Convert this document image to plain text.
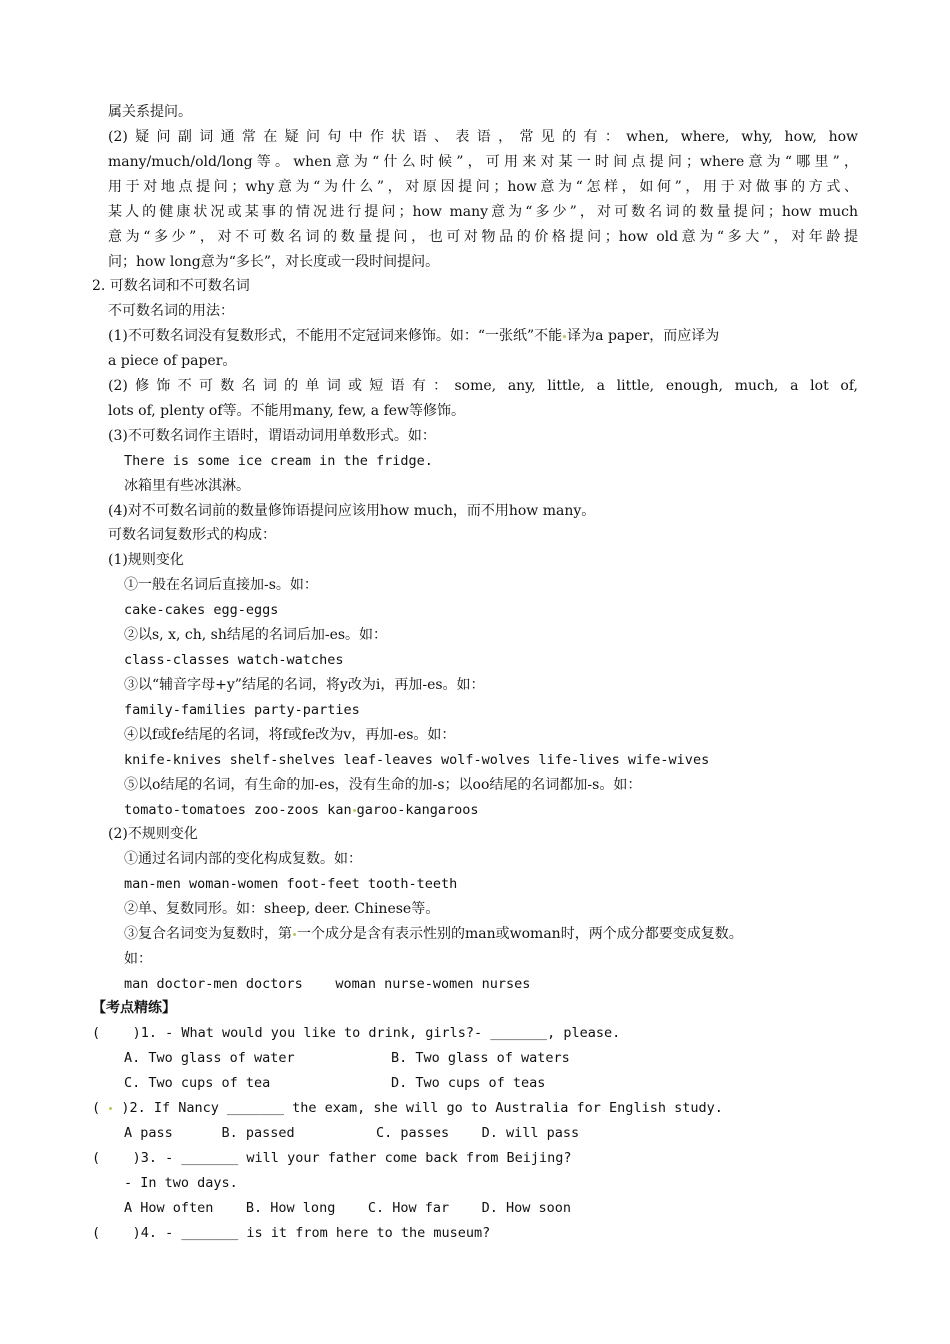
属关系提问。
(2)疑问副词通常在疑问句中作状语、表语，常见的有：when, where, why, how, how
many/much/old/long等。when意为“什么时候”，可用来对某一时间点提问；where意为“哪里”，
用于对地点提问；why意为“为什么”，对原因提问；how意为“怎样，如何”，用于对做事的方式、
某人的健康状况或某事的情况进行提问；how many意为“多少”，对可数名词的数量提问；how much
意为“多少”，对不可数名词的数量提问，也可对物品的价格提问；how old意为“多大”，对年龄提
问；how long意为“多长”，对长度或一段时间提问。
2. 可数名词和不可数名词
不可数名词的用法：
(1)不可数名词没有复数形式，不能用不定冠词来修饰。如：“一张纸”不能 译为a paper，而应译为
a piece of paper。
(2)修饰不可数名词的单词或短语有：some, any, little, a little, enough, much, a lot of,
lots of, plenty of等。不能用many, few, a few等修饰。
(3)不可数名词作主语时，谓语动词用单数形式。如：
There is some ice cream in the fridge.
冰箱里有些冰淇淋。
(4)对不可数名词前的数量修饰语提问应该用how much，而不用how many。
可数名词复数形式的构成：
(1)规则变化
①一般在名词后直接加-s。如：
cake-cakes egg-eggs
②以s, x, ch, sh结尾的名词后加-es。如：
class-classes watch-watches
③以“辅音字母+y”结尾的名词，将y改为i，再加-es。如：
family-families party-parties
④以f或fe结尾的名词，将f或fe改为v，再加-es。如：
knife-knives shelf-shelves leaf-leaves wolf-wolves life-lives wife-wives
⑤以o结尾的名词，有生命的加-es，没有生命的加-s；以oo结尾的名词都加-s。如：
tomato-tomatoes zoo-zoos kan garoo-kangaroos
(2)不规则变化
①通过名词内部的变化构成复数。如：
man-men woman-women foot-feet tooth-teeth
②单、复数同形。如：sheep, deer. Chinese等。
③复合名词变为复数时，第 一个成分是含有表示性别的man或woman时，两个成分都要变成复数。
如：
man doctor-men doctors    woman nurse-women nurses
【考点精练】
(    )1. - What would you like to drink, girls?- _______, please.
A. Two glass of water	B. Two glass of waters
C. Two cups of tea	D. Two cups of teas
(  )2. If Nancy _______ the exam, she will go to Australia for English study.
A pass      B. passed          C. passes    D. will pass
(    )3. - _______ will your father come back from Beijing?
- In two days.
A How often    B. How long    C. How far    D. How soon
(    )4. - _______ is it from here to the museum?
